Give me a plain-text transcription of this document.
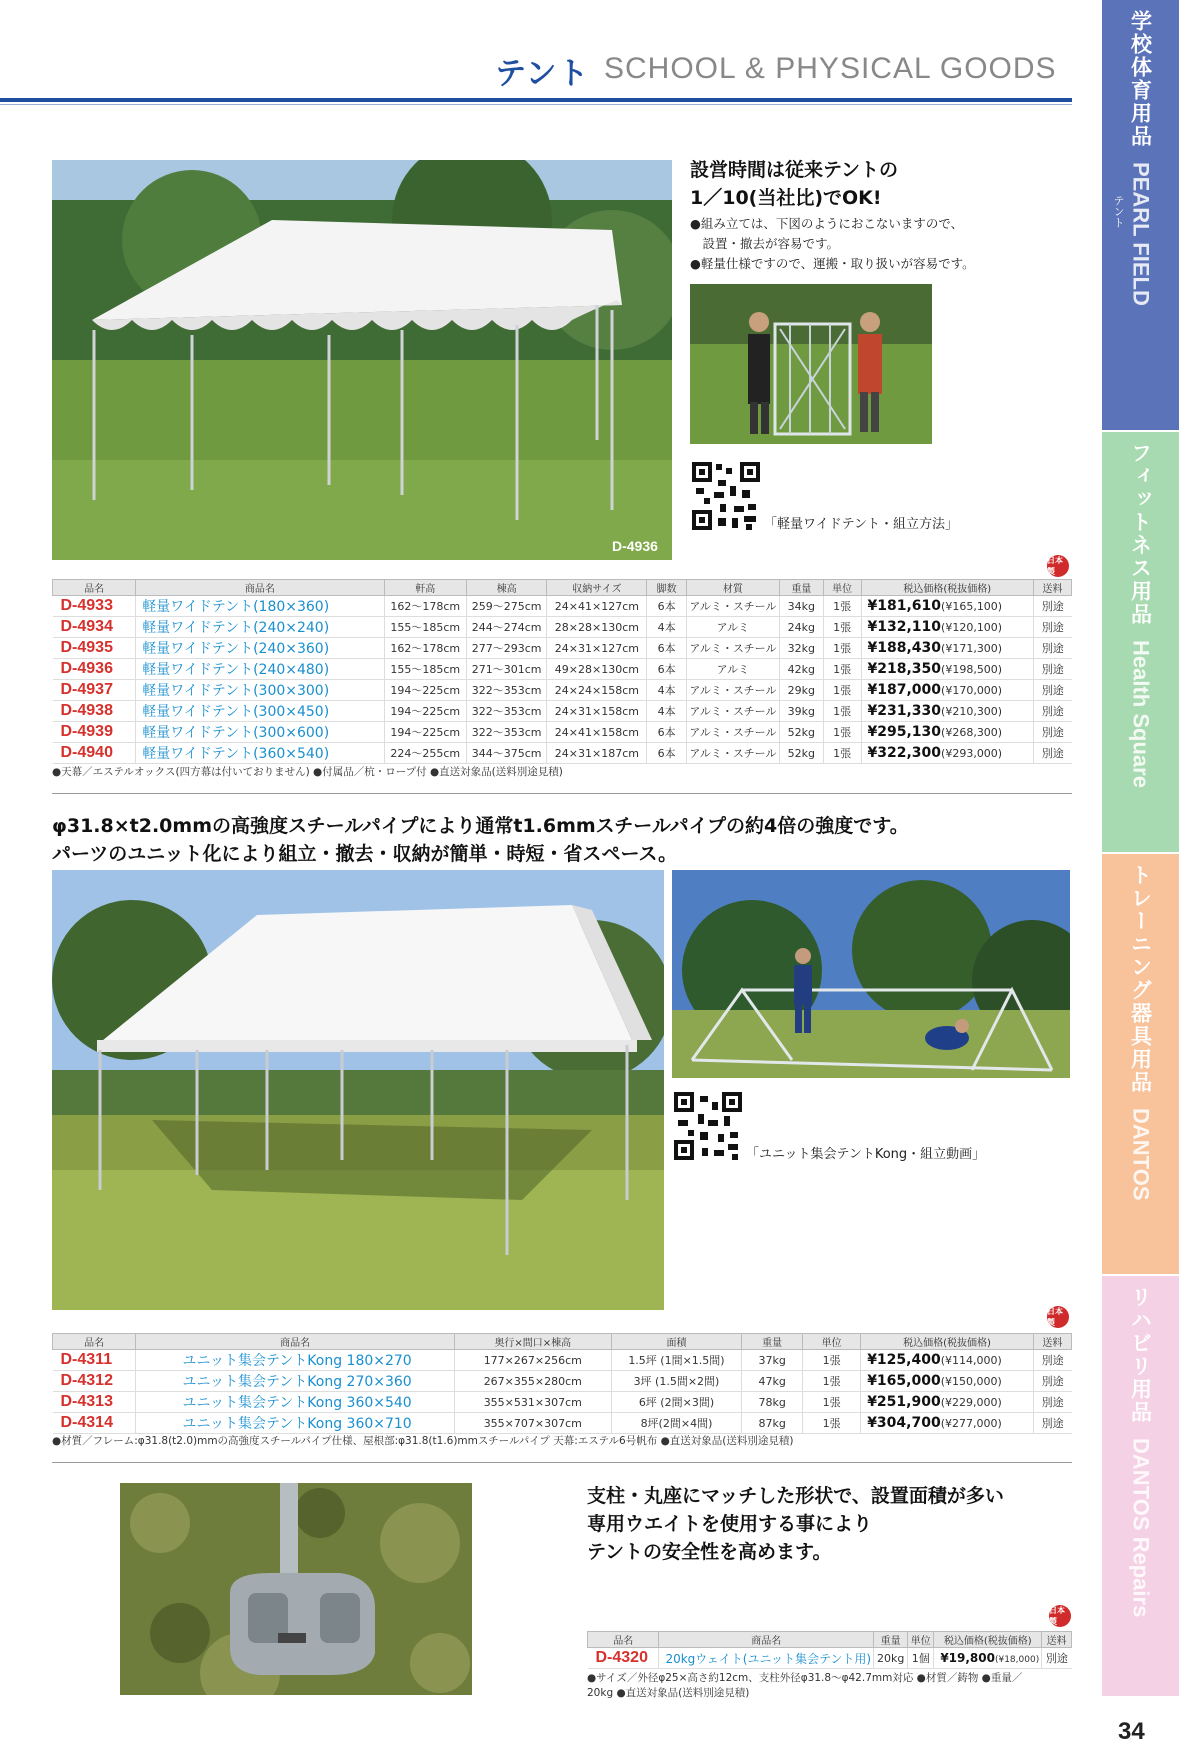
テント SCHOOL & PHYSICAL GOODS	学校体育用品
PEARL FIELD
テント
フィットネス用品
Health Square
トレーニング器具用品
DANTOS
リハビリ用品
DANTOS Repairs
34
D-4936
設営時間は従来テントの
1／10(当社比)でOK!
●組み立ては、下図のようにおこないますので、
　設置・撤去が容易です。
●軽量仕様ですので、運搬・取り扱いが容易です。
「軽量ワイドテント・組立方法」
日本製
品名	商品名	軒高	棟高	収納サイズ	脚数	材質	重量	単位	税込価格(税抜価格)	送料
D-4933	軽量ワイドテント(180×360)	162～178cm	259～275cm	24×41×127cm	6本	アルミ・スチール	34kg	1張	¥181,610(¥165,100)	別途
D-4934	軽量ワイドテント(240×240)	155～185cm	244～274cm	28×28×130cm	4本	アルミ	24kg	1張	¥132,110(¥120,100)	別途
D-4935	軽量ワイドテント(240×360)	162～178cm	277～293cm	24×31×127cm	6本	アルミ・スチール	32kg	1張	¥188,430(¥171,300)	別途
D-4936	軽量ワイドテント(240×480)	155～185cm	271～301cm	49×28×130cm	6本	アルミ	42kg	1張	¥218,350(¥198,500)	別途
D-4937	軽量ワイドテント(300×300)	194～225cm	322～353cm	24×24×158cm	4本	アルミ・スチール	29kg	1張	¥187,000(¥170,000)	別途
D-4938	軽量ワイドテント(300×450)	194～225cm	322～353cm	24×31×158cm	4本	アルミ・スチール	39kg	1張	¥231,330(¥210,300)	別途
D-4939	軽量ワイドテント(300×600)	194～225cm	322～353cm	24×41×158cm	6本	アルミ・スチール	52kg	1張	¥295,130(¥268,300)	別途
D-4940	軽量ワイドテント(360×540)	224～255cm	344～375cm	24×31×187cm	6本	アルミ・スチール	52kg	1張	¥322,300(¥293,000)	別途
●天幕／エステルオックス(四方幕は付いておりません) ●付属品／杭・ロープ付 ●直送対象品(送料別途見積)
φ31.8×t2.0mmの高強度スチールパイプにより通常t1.6mmスチールパイプの約4倍の強度です。
パーツのユニット化により組立・撤去・収納が簡単・時短・省スペース。
「ユニット集会テントKong・組立動画」
日本製
品名	商品名	奥行×間口×棟高	面積	重量	単位	税込価格(税抜価格)	送料
D-4311	ユニット集会テントKong 180×270	177×267×256cm	1.5坪 (1間×1.5間)	37kg	1張	¥125,400(¥114,000)	別途
D-4312	ユニット集会テントKong 270×360	267×355×280cm	3坪 (1.5間×2間)	47kg	1張	¥165,000(¥150,000)	別途
D-4313	ユニット集会テントKong 360×540	355×531×307cm	6坪 (2間×3間)	78kg	1張	¥251,900(¥229,000)	別途
D-4314	ユニット集会テントKong 360×710	355×707×307cm	8坪(2間×4間)	87kg	1張	¥304,700(¥277,000)	別途
●材質／フレーム:φ31.8(t2.0)mmの高強度スチールパイプ仕様、屋根部:φ31.8(t1.6)mmスチールパイプ 天幕:エステル6号帆布 ●直送対象品(送料別途見積)
支柱・丸座にマッチした形状で、設置面積が多い
専用ウエイトを使用する事により
テントの安全性を高めます。
日本製
品名	商品名	重量	単位	税込価格(税抜価格)	送料
D-4320	20kgウェイト(ユニット集会テント用)	20kg	1個	¥19,800(¥18,000)	別途
●サイズ／外径φ25×高さ約12cm、支柱外径φ31.8～φ42.7mm対応 ●材質／鋳物 ●重量／
20kg ●直送対象品(送料別途見積)
